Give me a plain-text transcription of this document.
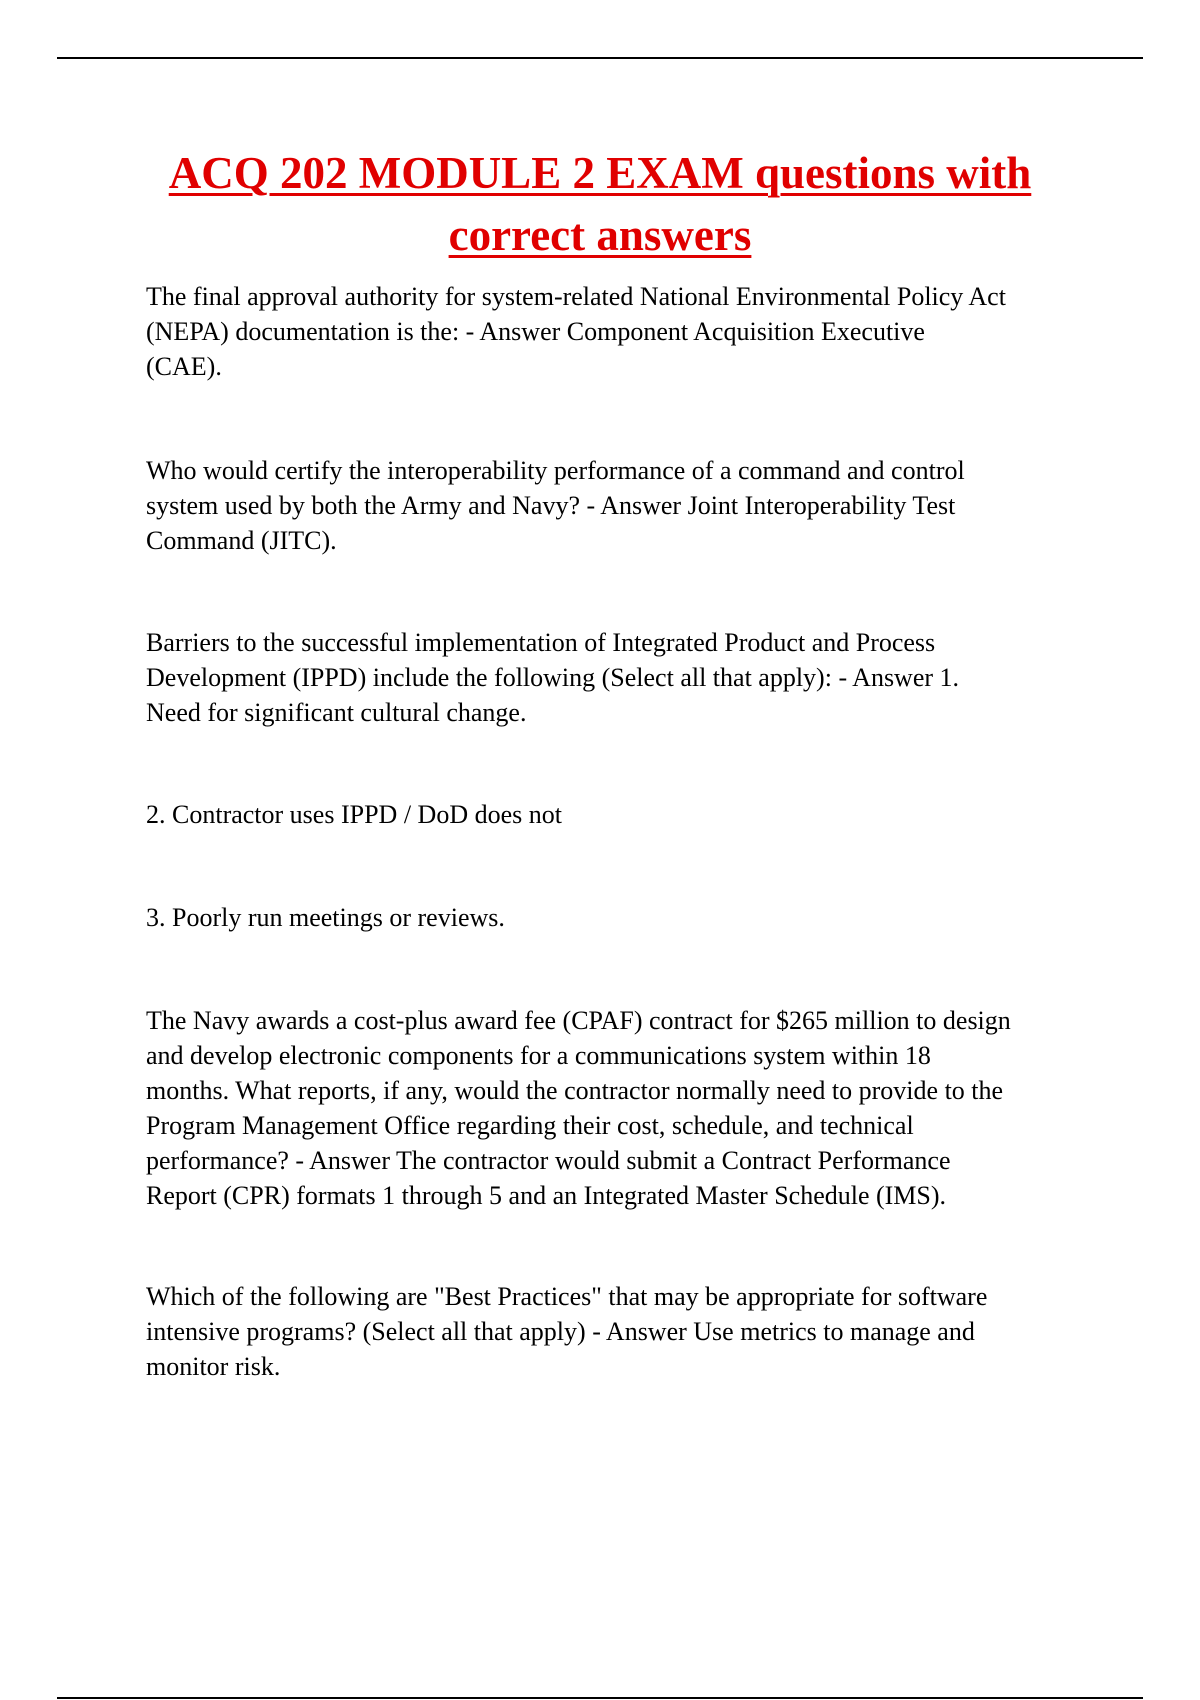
ACQ 202 MODULE 2 EXAM questions with
correct answers

The final approval authority for system-related National Environmental Policy Act
(NEPA) documentation is the: - Answer Component Acquisition Executive
(CAE).

Who would certify the interoperability performance of a command and control
system used by both the Army and Navy? - Answer Joint Interoperability Test
Command (JITC).

Barriers to the successful implementation of Integrated Product and Process
Development (IPPD) include the following (Select all that apply): - Answer 1.
Need for significant cultural change.

2. Contractor uses IPPD / DoD does not

3. Poorly run meetings or reviews.

The Navy awards a cost-plus award fee (CPAF) contract for $265 million to design
and develop electronic components for a communications system within 18
months. What reports, if any, would the contractor normally need to provide to the
Program Management Office regarding their cost, schedule, and technical
performance? - Answer The contractor would submit a Contract Performance
Report (CPR) formats 1 through 5 and an Integrated Master Schedule (IMS).

Which of the following are "Best Practices" that may be appropriate for software
intensive programs? (Select all that apply) - Answer Use metrics to manage and
monitor risk.
